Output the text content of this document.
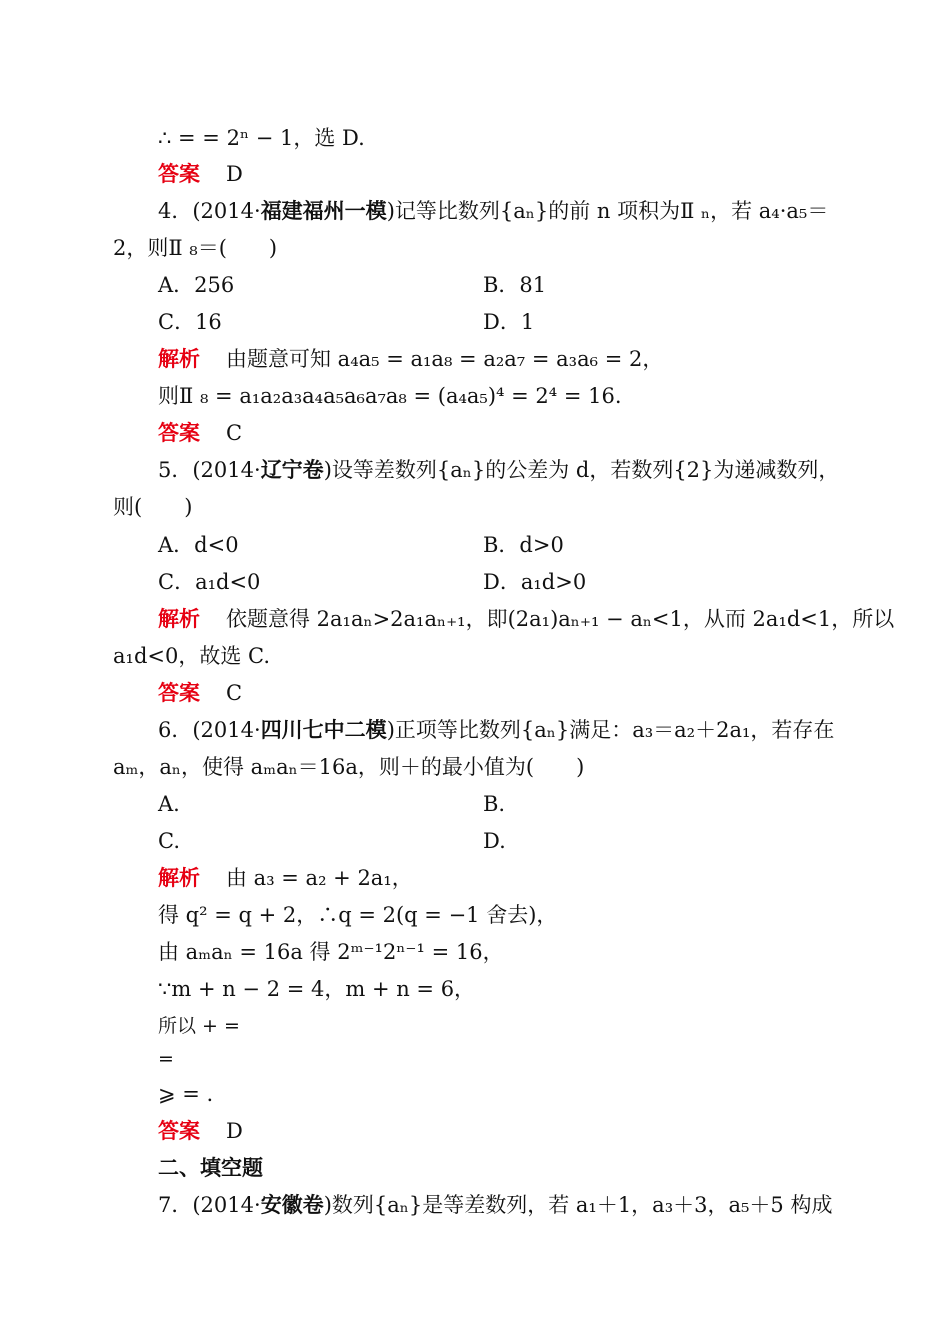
∴ = = 2ⁿ − 1，选 D.
答案 D
4．(2014·福建福州一模)记等比数列{aₙ}的前 n 项积为Ⅱ ₙ，若 a₄·a₅＝
2，则Ⅱ ₈＝(　　)
A．256	B．81
C．16	D．1
解析 由题意可知 a₄a₅ = a₁a₈ = a₂a₇ = a₃a₆ = 2，
则Ⅱ ₈ = a₁a₂a₃a₄a₅a₆a₇a₈ = (a₄a₅)⁴ = 2⁴ = 16.
答案 C
5．(2014·辽宁卷)设等差数列{aₙ}的公差为 d，若数列{2}为递减数列，
则(　　)
A．d<0	B．d>0
C．a₁d<0	D．a₁d>0
解析 依题意得 2a₁aₙ>2a₁aₙ₊₁，即(2a₁)aₙ₊₁ − aₙ<1，从而 2a₁d<1，所以
a₁d<0，故选 C.
答案 C
6．(2014·四川七中二模)正项等比数列{aₙ}满足：a₃＝a₂＋2a₁，若存在
aₘ，aₙ，使得 aₘaₙ＝16a，则＋的最小值为(　　)
A.	B.
C.	D.
解析 由 a₃ = a₂ + 2a₁，
得 q² = q + 2，∴q = 2(q = −1 舍去)，
由 aₘaₙ = 16a 得 2ᵐ⁻¹2ⁿ⁻¹ = 16，
∵m + n − 2 = 4，m + n = 6，
所以 + =
=
⩾ = .
答案 D
二、填空题
7．(2014·安徽卷)数列{aₙ}是等差数列，若 a₁＋1，a₃＋3，a₅＋5 构成
